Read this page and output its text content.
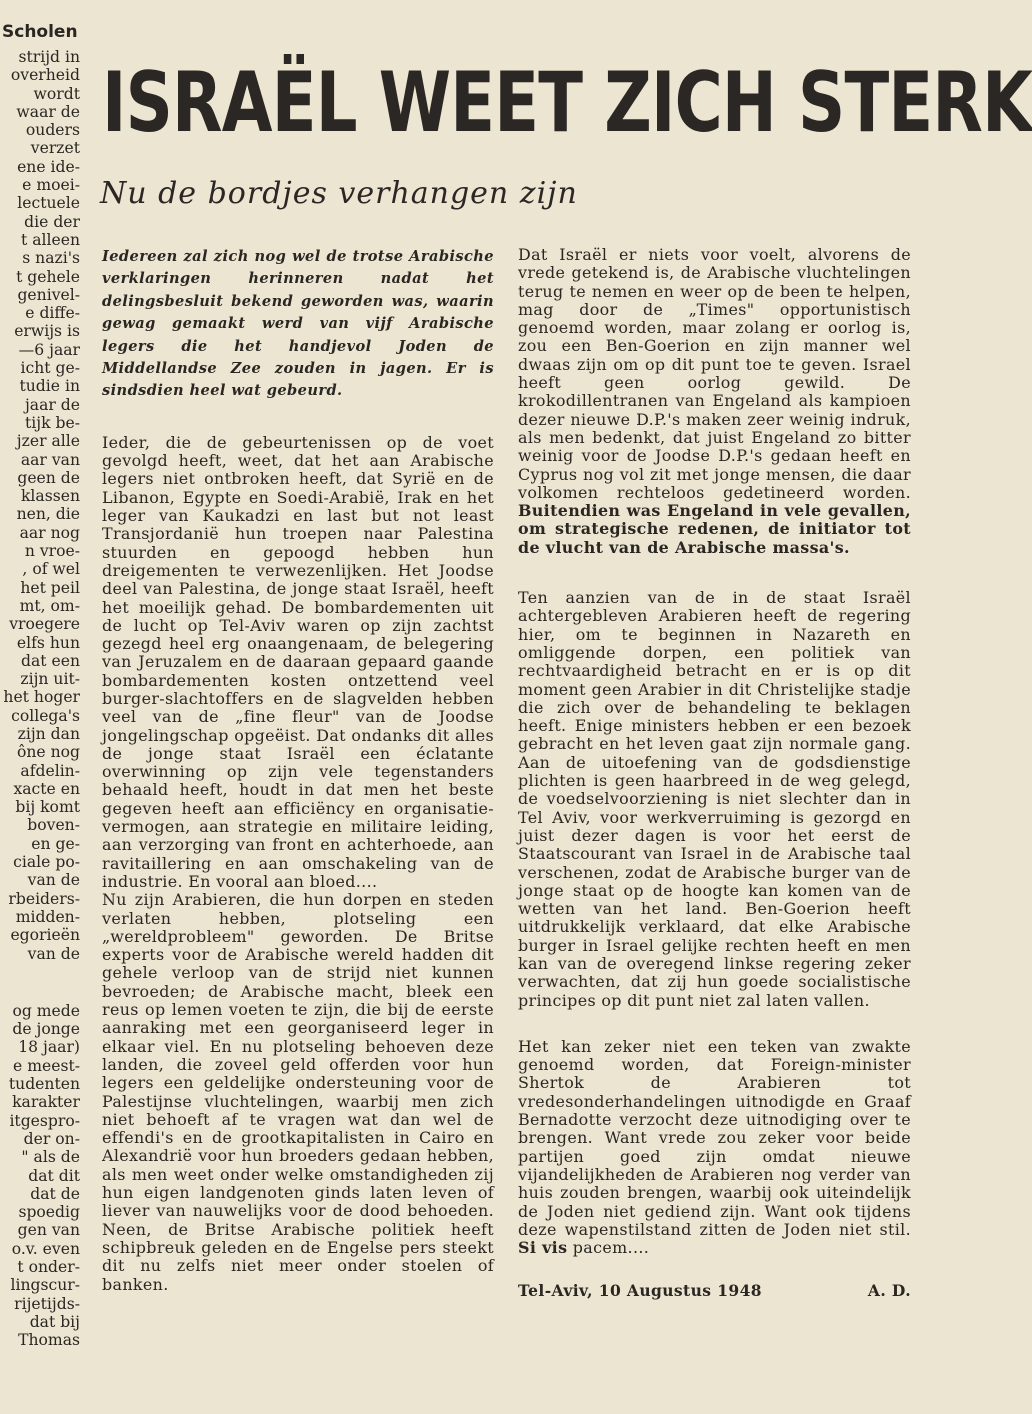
Scholen
strijd in
overheid
wordt
waar de
ouders
verzet
ene ide-
e moei-
lectuele
die der
t alleen
s nazi's
t gehele
genivel-
e diffe-
erwijs is
—6 jaar
icht ge-
tudie in
jaar de
tijk be-
jzer alle
aar van
geen de
klassen
nen, die
aar nog
n vroe-
, of wel
het peil
mt, om-
vroegere
elfs hun
dat een
zijn uit-
het hoger
collega's
zijn dan
ône nog
afdelin-
xacte en
bij komt
boven-
en ge-
ciale po-
van de
rbeiders-
midden-
egorieën
van de
og mede
de jonge
18 jaar)
e meest-
tudenten
karakter
itgespro-
der on-
" als de
dat dit
dat de
spoedig
gen van
o.v. even
t onder-
lingscur-
rijetijds-
dat bij
Thomas
ISRAËL WEET ZICH STERK
Nu de bordjes verhangen zijn

Iedereen zal zich nog wel de trotse Arabische verklaringen herinneren nadat het delingsbesluit bekend geworden was, waarin gewag gemaakt werd van vijf Arabische legers die het handjevol Joden de Middellandse Zee zouden in jagen. Er is sindsdien heel wat gebeurd.

Ieder, die de gebeurtenissen op de voet gevolgd heeft, weet, dat het aan Arabische legers niet ontbroken heeft, dat Syrië en de Libanon, Egypte en Soedi-Arabië, Irak en het leger van Kaukadzi en last but not least Transjordanië hun troepen naar Palestina stuurden en gepoogd hebben hun dreigementen te verwezenlijken. Het Joodse deel van Palestina, de jonge staat Israël, heeft het moeilijk gehad. De bombardementen uit de lucht op Tel-Aviv waren op zijn zachtst gezegd heel erg onaangenaam, de belegering van Jeruzalem en de daaraan gepaard gaande bombardementen kosten ontzettend veel burger-slachtoffers en de slagvelden hebben veel van de „fine fleur" van de Joodse jongelingschap opgeëist. Dat ondanks dit alles de jonge staat Israël een éclatante overwinning op zijn vele tegenstanders behaald heeft, houdt in dat men het beste gegeven heeft aan efficiëncy en organisatie-vermogen, aan strategie en militaire leiding, aan verzorging van front en achterhoede, aan ravitaillering en aan omschakeling van de industrie. En vooral aan bloed....

Nu zijn Arabieren, die hun dorpen en steden verlaten hebben, plotseling een „wereldprobleem" geworden. De Britse experts voor de Arabische wereld hadden dit gehele verloop van de strijd niet kunnen bevroeden; de Arabische macht, bleek een reus op lemen voeten te zijn, die bij de eerste aanraking met een georganiseerd leger in elkaar viel. En nu plotseling behoeven deze landen, die zoveel geld offerden voor hun legers een geldelijke ondersteuning voor de Palestijnse vluchtelingen, waarbij men zich niet behoeft af te vragen wat dan wel de effendi's en de grootkapitalisten in Cairo en Alexandrië voor hun broeders gedaan hebben, als men weet onder welke omstandigheden zij hun eigen landgenoten ginds laten leven of liever van nauwelijks voor de dood behoeden. Neen, de Britse Arabische politiek heeft schipbreuk geleden en de Engelse pers steekt dit nu zelfs niet meer onder stoelen of banken.

Dat Israël er niets voor voelt, alvorens de vrede getekend is, de Arabische vluchtelingen terug te nemen en weer op de been te helpen, mag door de „Times" opportunistisch genoemd worden, maar zolang er oorlog is, zou een Ben-Goerion en zijn manner wel dwaas zijn om op dit punt toe te geven. Israel heeft geen oorlog gewild. De krokodillentranen van Engeland als kampioen dezer nieuwe D.P.'s maken zeer weinig indruk, als men bedenkt, dat juist Engeland zo bitter weinig voor de Joodse D.P.'s gedaan heeft en Cyprus nog vol zit met jonge mensen, die daar volkomen rechteloos gedetineerd worden. Buitendien was Engeland in vele gevallen, om strategische redenen, de initiator tot de vlucht van de Arabische massa's.

Ten aanzien van de in de staat Israël achtergebleven Arabieren heeft de regering hier, om te beginnen in Nazareth en omliggende dorpen, een politiek van rechtvaardigheid betracht en er is op dit moment geen Arabier in dit Christelijke stadje die zich over de behandeling te beklagen heeft. Enige ministers hebben er een bezoek gebracht en het leven gaat zijn normale gang. Aan de uitoefening van de godsdienstige plichten is geen haarbreed in de weg gelegd, de voedselvoorziening is niet slechter dan in Tel Aviv, voor werkverruiming is gezorgd en juist dezer dagen is voor het eerst de Staatscourant van Israel in de Arabische taal verschenen, zodat de Arabische burger van de jonge staat op de hoogte kan komen van de wetten van het land. Ben-Goerion heeft uitdrukkelijk verklaard, dat elke Arabische burger in Israel gelijke rechten heeft en men kan van de overegend linkse regering zeker verwachten, dat zij hun goede socialistische principes op dit punt niet zal laten vallen.

Het kan zeker niet een teken van zwakte genoemd worden, dat Foreign-minister Shertok de Arabieren tot vredesonderhandelingen uitnodigde en Graaf Bernadotte verzocht deze uitnodiging over te brengen. Want vrede zou zeker voor beide partijen goed zijn omdat nieuwe vijandelijkheden de Arabieren nog verder van huis zouden brengen, waarbij ook uiteindelijk de Joden niet gediend zijn. Want ook tijdens deze wapenstilstand zitten de Joden niet stil. Si vis pacem....

Tel-Aviv, 10 Augustus 1948	A. D.
